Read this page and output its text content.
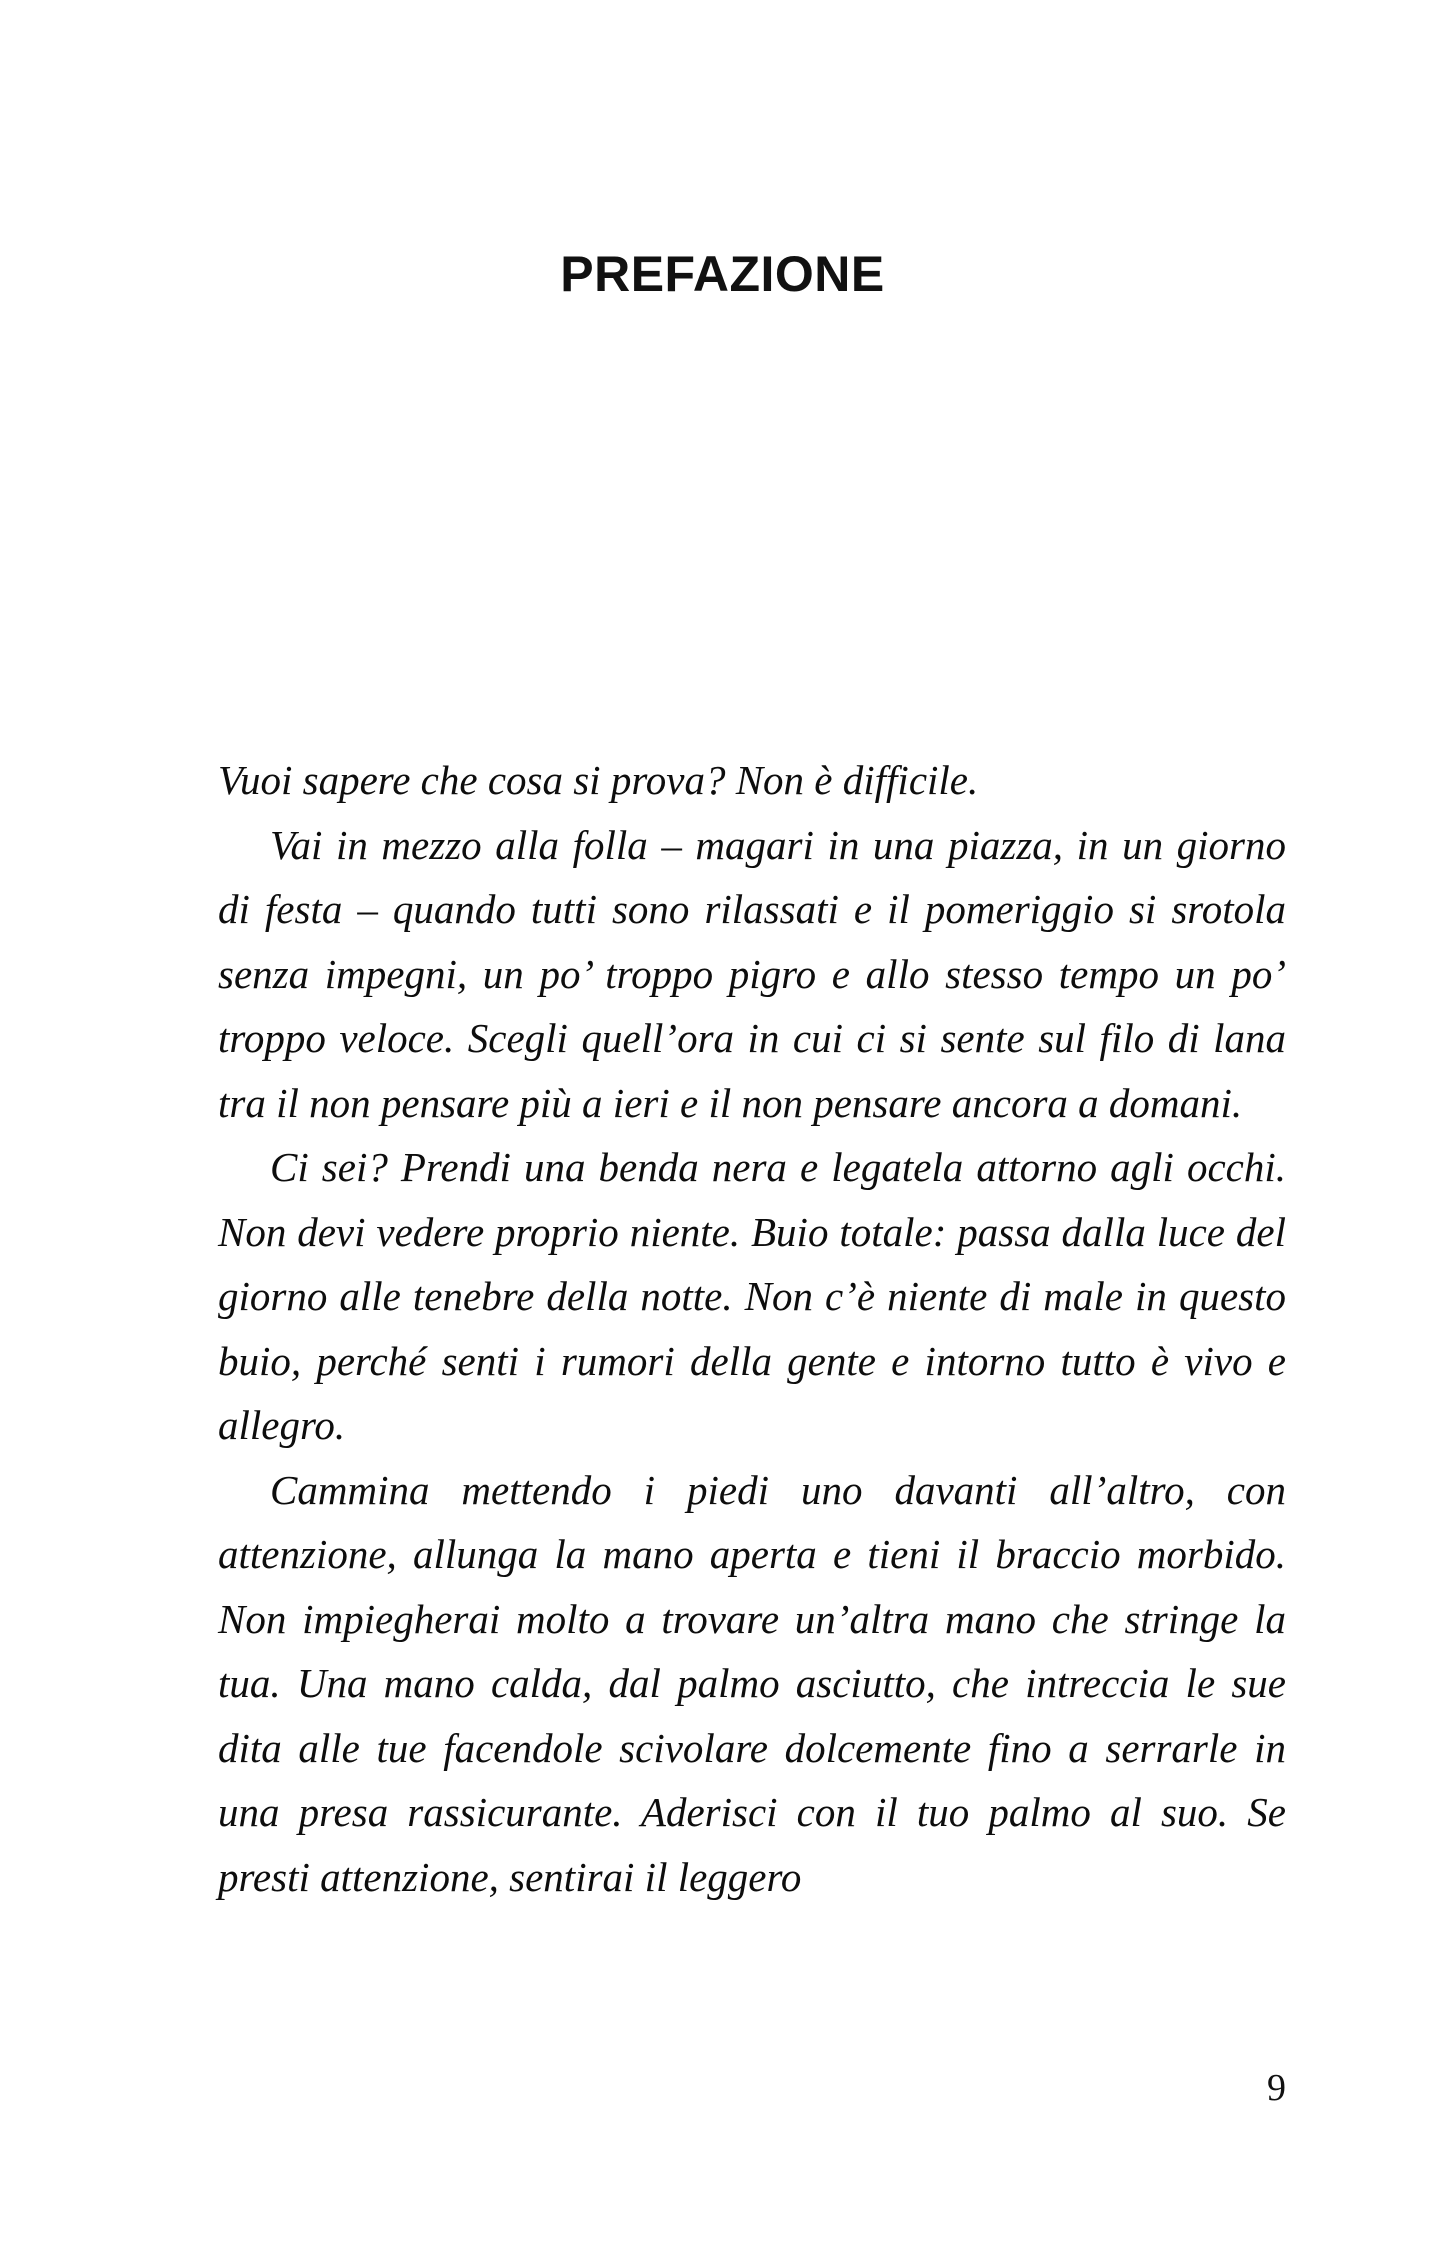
PREFAZIONE

Vuoi sapere che cosa si prova? Non è difficile.

Vai in mezzo alla folla – magari in una piazza, in un giorno di festa – quando tutti sono rilassati e il pomeriggio si srotola senza impegni, un po’ troppo pigro e allo stesso tempo un po’ troppo veloce. Scegli quell’ora in cui ci si sente sul filo di lana tra il non pensare più a ieri e il non pensare ancora a domani.

Ci sei? Prendi una benda nera e legatela attorno agli occhi. Non devi vedere proprio niente. Buio totale: passa dalla luce del giorno alle tenebre della notte. Non c’è niente di male in questo buio, perché senti i rumori della gente e intorno tutto è vivo e allegro.

Cammina mettendo i piedi uno davanti all’altro, con attenzione, allunga la mano aperta e tieni il braccio morbido. Non impiegherai molto a trovare un’altra mano che stringe la tua. Una mano calda, dal palmo asciutto, che intreccia le sue dita alle tue facendole scivolare dolcemente fino a serrarle in una presa rassicurante. Aderisci con il tuo palmo al suo. Se presti attenzione, sentirai il leggero

9
